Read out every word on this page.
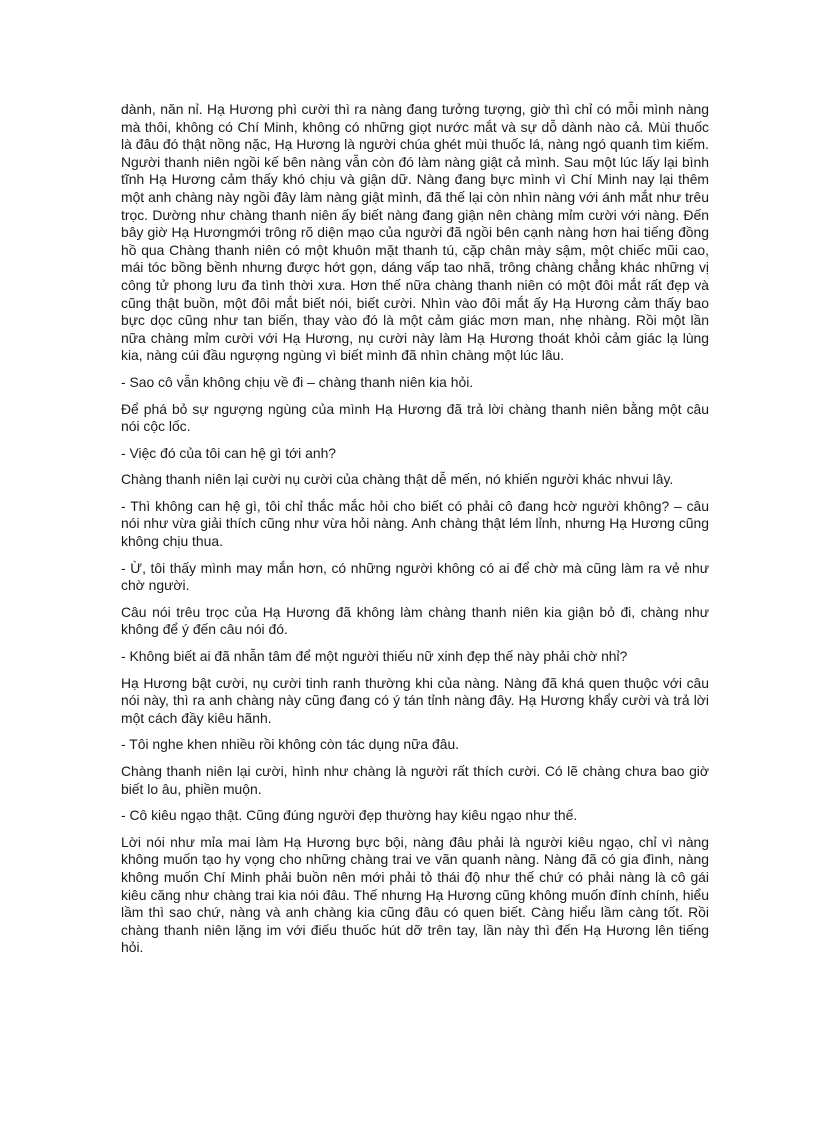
dành, năn nỉ. Hạ Hương phì cười thì ra nàng đang tưởng tượng, giờ thì chỉ có mỗi mình nàng mà thôi, không có Chí Minh, không có những giọt nước mắt và sự dỗ dành nào cả. Mùi thuốc là đâu đó thật nồng nặc, Hạ Hương là người chúa ghét mùi thuốc lá, nàng ngó quanh tìm kiếm. Người thanh niên ngồi kế bên nàng vẫn còn đó làm nàng giật cả mình. Sau một lúc lấy lại bình tĩnh Hạ Hương cảm thấy khó chịu và giận dữ. Nàng đang bực mình vì Chí Minh nay lại thêm một anh chàng này ngồi đây làm nàng giật mình, đã thế lại còn nhìn nàng với ánh mắt như trêu trọc. Dường như chàng thanh niên ấy biết nàng đang giận nên chàng mỉm cười với nàng. Đến bây giờ Hạ Hươngmới trông rõ diện mạo của người đã ngồi bên cạnh nàng hơn hai tiếng đồng hồ qua Chàng thanh niên có một khuôn mặt thanh tú, cặp chân mày sậm, một chiếc mũi cao, mái tóc bồng bềnh nhưng được hớt gọn, dáng vấp tao nhã, trông chàng chẳng khác những vị công tử phong lưu đa tình thời xưa. Hơn thế nữa chàng thanh niên có một đôi mắt rất đẹp và cũng thật buồn, một đôi mắt biết nói, biết cười. Nhìn vào đôi mắt ấy Hạ Hương cảm thấy bao bực dọc cũng như tan biến, thay vào đó là một cảm giác mơn man, nhẹ nhàng. Rồi một lần nữa chàng mỉm cười với Hạ Hương, nụ cười này làm Hạ Hương thoát khỏi cảm giác lạ lùng kia, nàng cúi đầu ngượng ngùng vì biết mình đã nhìn chàng một lúc lâu.

- Sao cô vẫn không chịu về đi – chàng thanh niên kia hỏi.

Để phá bỏ sự ngượng ngùng của mình Hạ Hương đã trả lời chàng thanh niên bằng một câu nói cộc lốc.

- Việc đó của tôi can hệ gì tới anh?

Chàng thanh niên lại cười nụ cười của chàng thật dễ mến, nó khiến người khác nhvui lây.

- Thì không can hệ gì, tôi chỉ thắc mắc hỏi cho biết có phải cô đang hcờ người không? – câu nói như vừa giải thích cũng như vừa hỏi nàng. Anh chàng thật lém lỉnh, nhưng Hạ Hương cũng không chịu thua.

- Ừ, tôi thấy mình may mắn hơn, có những người không có ai để chờ mà cũng làm ra vẻ như chờ người.

Câu nói trêu trọc của Hạ Hương đã không làm chàng thanh niên kia giận bỏ đi, chàng như không để ý đến câu nói đó.

- Không biết ai đã nhẫn tâm để một người thiếu nữ xinh đẹp thế này phải chờ nhỉ?

Hạ Hương bật cười, nụ cười tinh ranh thường khi của nàng. Nàng đã khá quen thuộc với câu nói này, thì ra anh chàng này cũng đang có ý tán tỉnh nàng đây. Hạ Hương khẩy cười và trả lời một cách đầy kiêu hãnh.

- Tôi nghe khen nhiều rồi không còn tác dụng nữa đâu.

Chàng thanh niên lại cười, hình như chàng là người rất thích cười. Có lẽ chàng chưa bao giờ biết lo âu, phiền muộn.

- Cô kiêu ngạo thật. Cũng đúng người đẹp thường hay kiêu ngạo như thế.

Lời nói như mỉa mai làm Hạ Hương bực bội, nàng đâu phải là người kiêu ngạo, chỉ vì nàng không muốn tạo hy vọng cho những chàng trai ve vãn quanh nàng. Nàng đã có gia đình, nàng không muốn Chí Minh phải buồn nên mới phải tỏ thái độ như thế chứ có phải nàng là cô gái kiêu căng như chàng trai kia nói đâu. Thế nhưng Hạ Hương cũng không muốn đính chính, hiểu lầm thì sao chứ, nàng và anh chàng kia cũng đâu có quen biết. Càng hiểu lầm càng tốt. Rồi chàng thanh niên lặng im với điếu thuốc hút dỡ trên tay, lần này thì đến Hạ Hương lên tiếng hỏi.
